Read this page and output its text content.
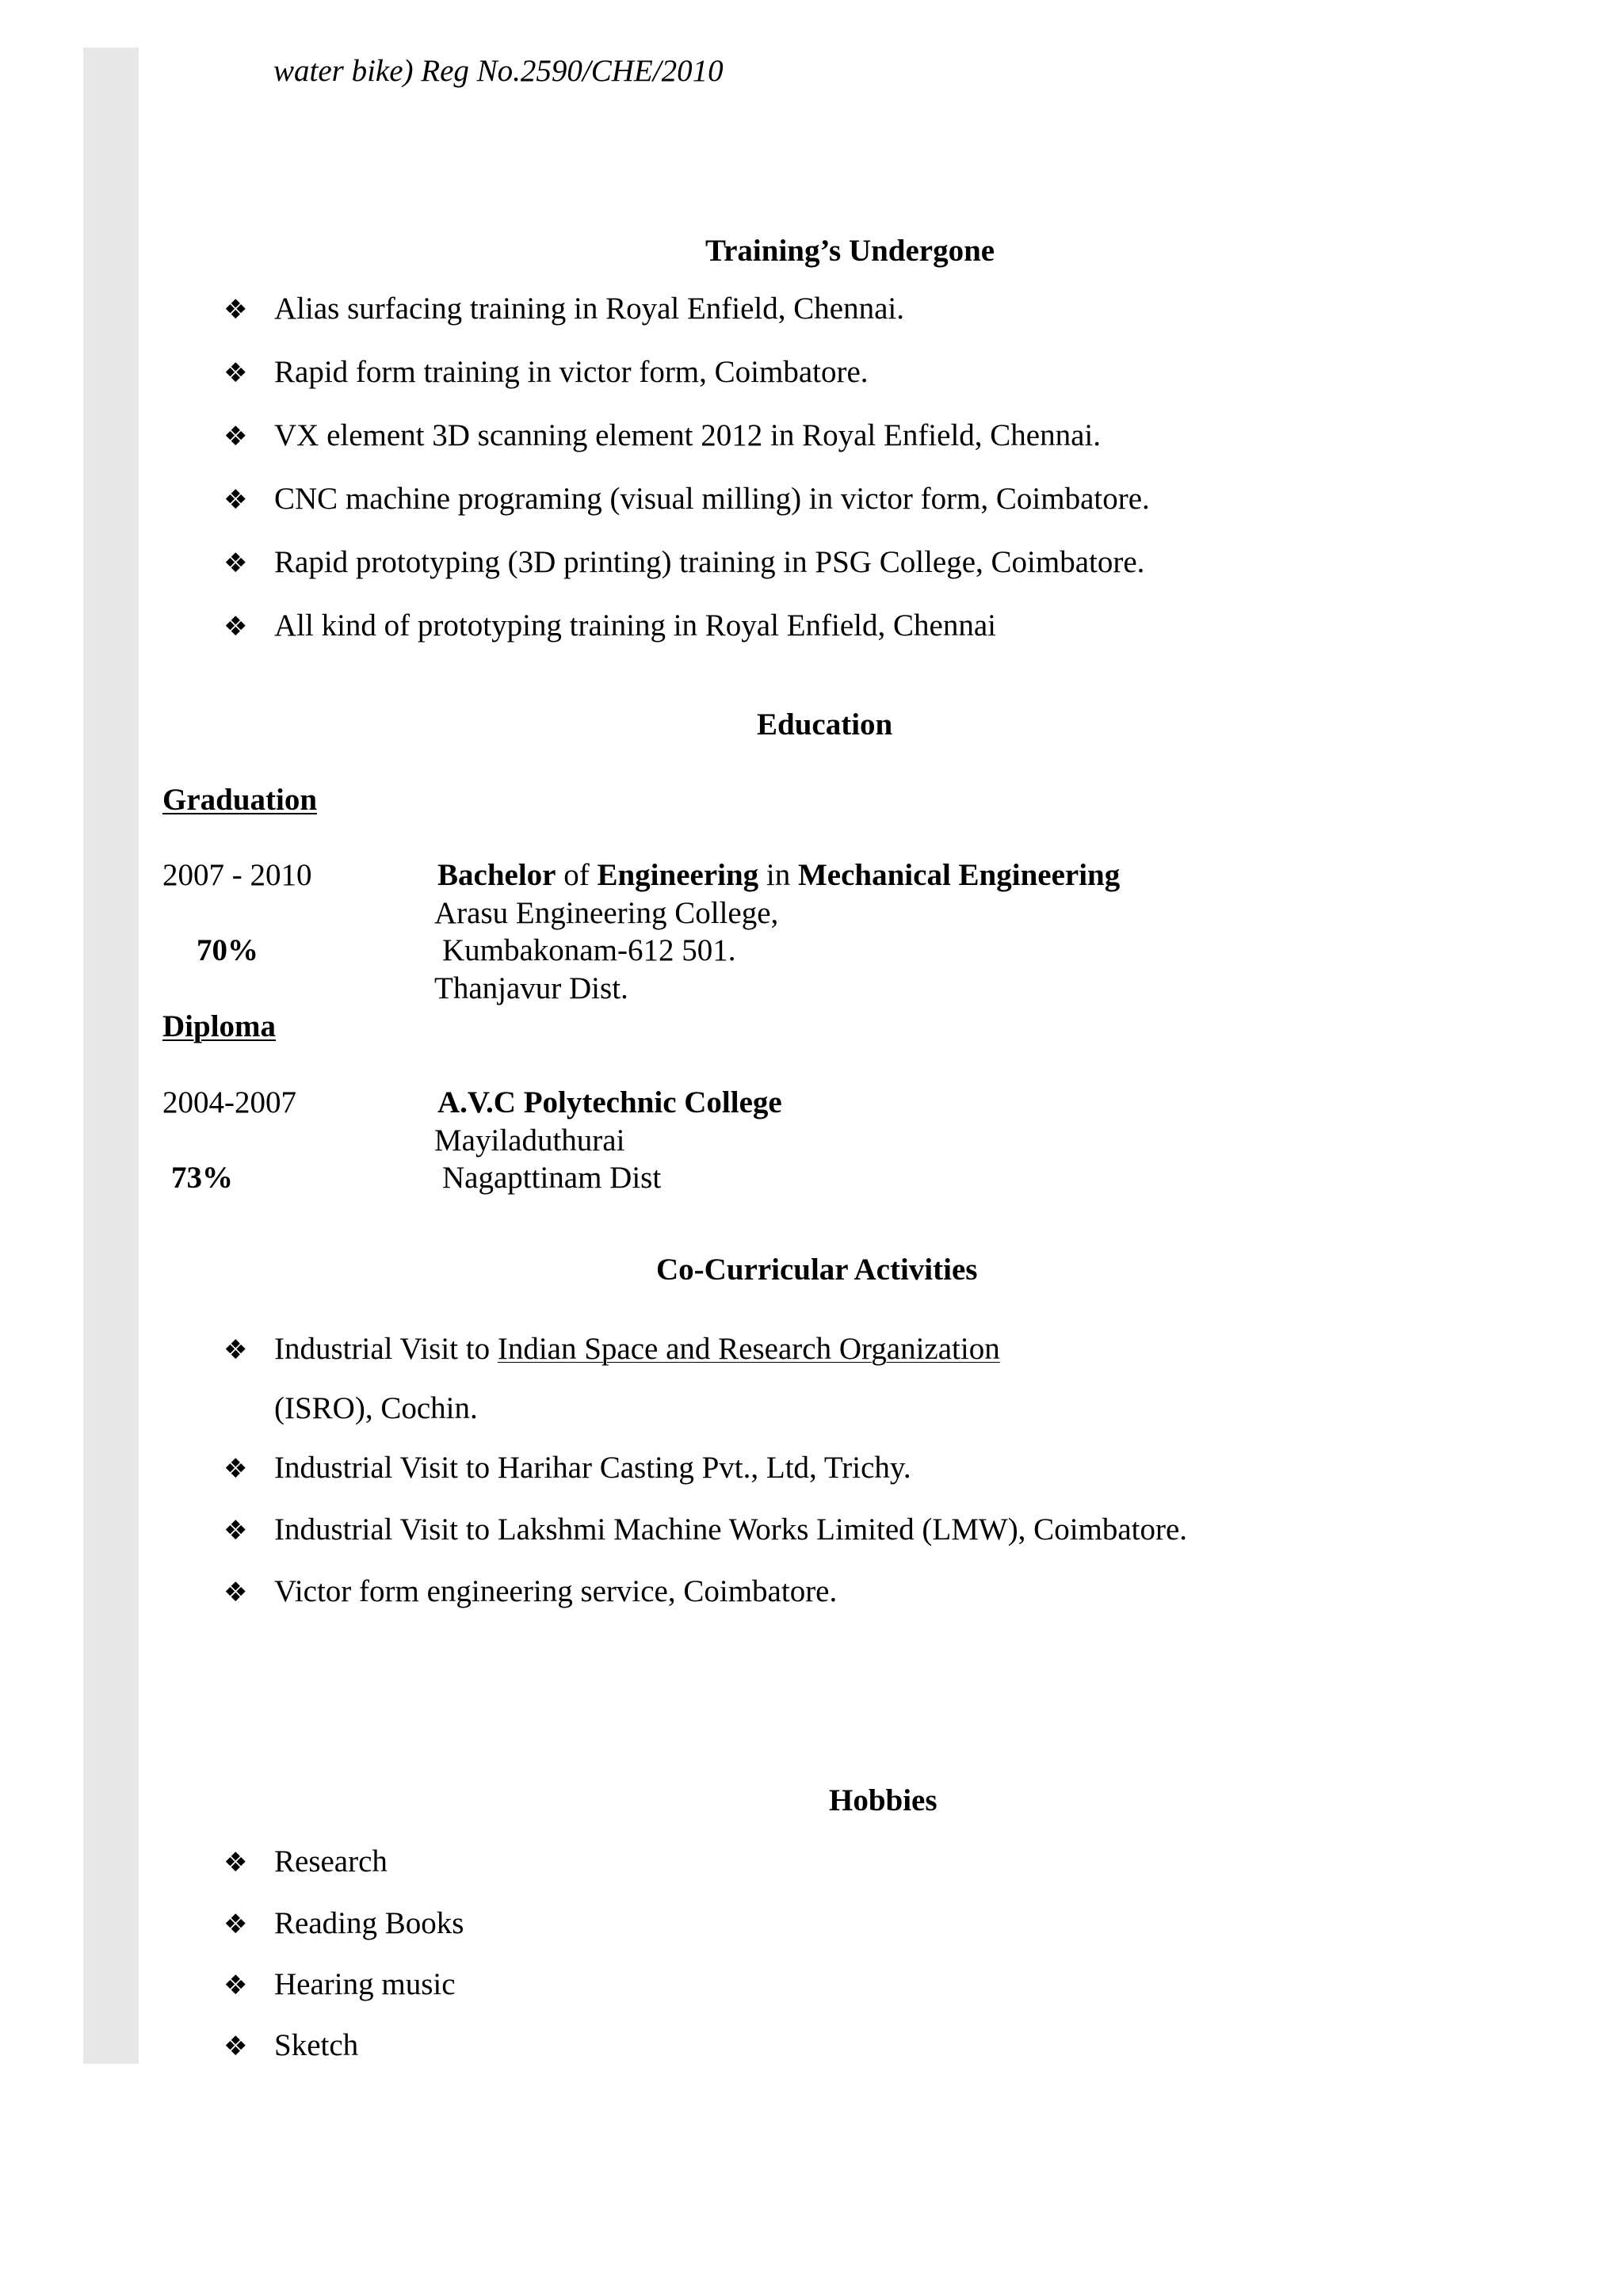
water bike) Reg No.2590/CHE/2010
Training’s Undergone
❖ Alias surfacing training in Royal Enfield, Chennai.
❖ Rapid form training in victor form, Coimbatore.
❖ VX element 3D scanning element 2012 in Royal Enfield, Chennai.
❖ CNC machine programing (visual milling) in victor form, Coimbatore.
❖ Rapid prototyping (3D printing) training in PSG College, Coimbatore.
❖ All kind of prototyping training in Royal Enfield, Chennai
Education
Graduation
2007 - 2010	Bachelor of Engineering in Mechanical Engineering
Arasu Engineering College,
70%	Kumbakonam-612 501.
Thanjavur Dist.
Diploma
2004-2007	A.V.C Polytechnic College
Mayiladuthurai
73%	Nagapttinam Dist
Co-Curricular Activities
❖ Industrial Visit to Indian Space and Research Organization
(ISRO), Cochin.
❖ Industrial Visit to Harihar Casting Pvt., Ltd, Trichy.
❖ Industrial Visit to Lakshmi Machine Works Limited (LMW), Coimbatore.
❖ Victor form engineering service, Coimbatore.
Hobbies
❖ Research
❖ Reading Books
❖ Hearing music
❖ Sketch
